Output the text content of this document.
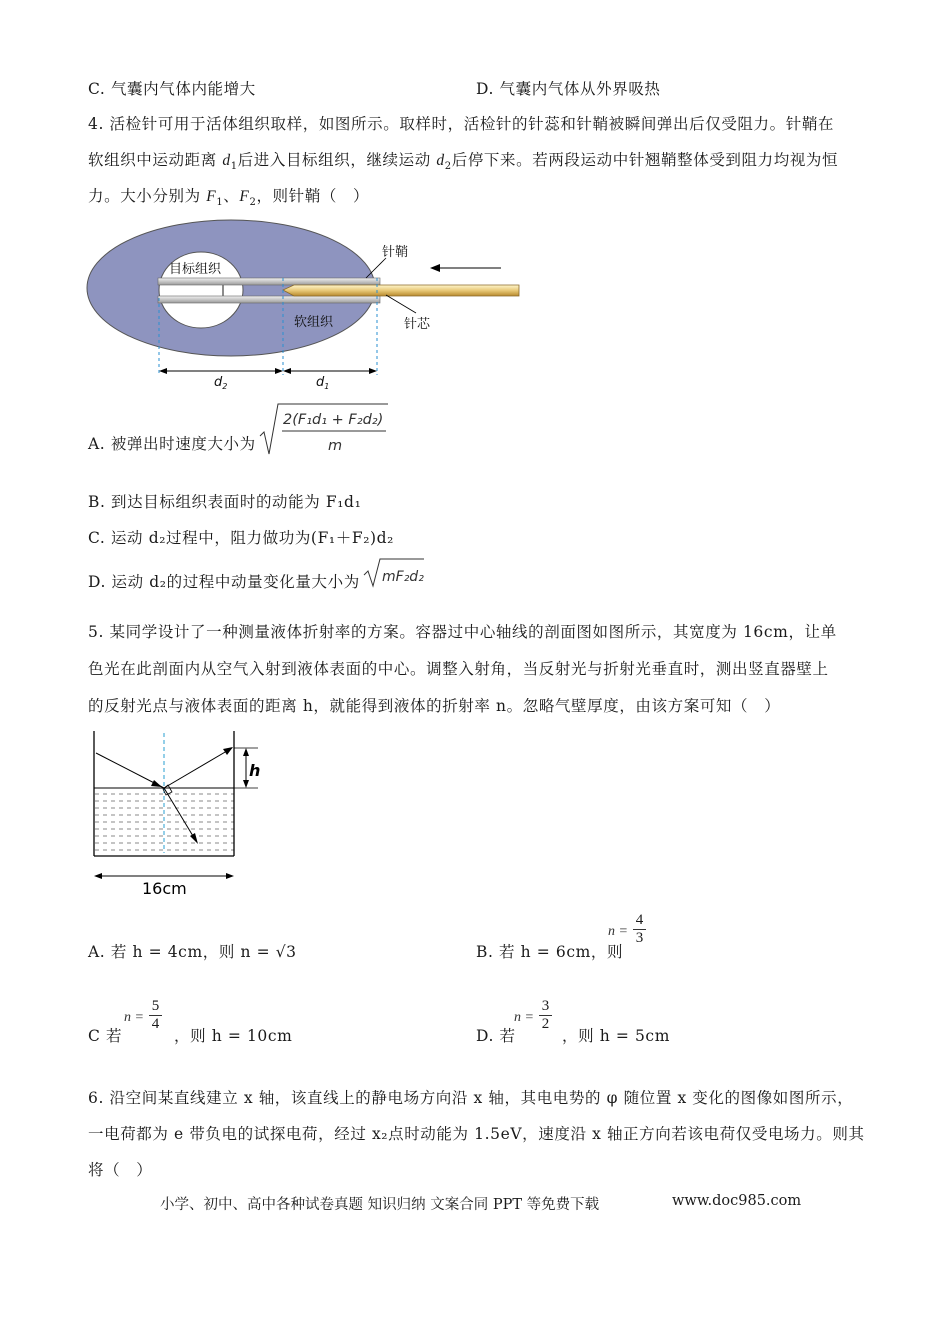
C. 气囊内气体内能增大	D. 气囊内气体从外界吸热
4. 活检针可用于活体组织取样，如图所示。取样时，活检针的针蕊和针鞘被瞬间弹出后仅受阻力。针鞘在
软组织中运动距离 $d_1$后进入目标组织，继续运动 $d_2$后停下来。若两段运动中针翘鞘整体受到阻力均视为恒
力。大小分别为 $F_1$、$F_2$，则针鞘（　）
目标组织
针鞘
软组织	针芯
$d_2$	$d_1$
A. 被弹出时速度大小为
2(F₁d₁ + F₂d₂)
m
B. 到达目标组织表面时的动能为 F₁d₁
C. 运动 d₂过程中，阻力做功为(F₁＋F₂)d₂
D. 运动 d₂的过程中动量变化量大小为 mF₂d₂
5. 某同学设计了一种测量液体折射率的方案。容器过中心轴线的剖面图如图所示，其宽度为 16cm，让单
色光在此剖面内从空气入射到液体表面的中心。调整入射角，当反射光与折射光垂直时，测出竖直器壁上
的反射光点与液体表面的距离 h，就能得到液体的折射率 n。忽略气壁厚度，由该方案可知（　）
h
16cm
A. 若 h = 4cm，则 n = √3	B. 若 h = 6cm，则
$n = \frac{4}{3}$
C 若
$n = \frac{5}{4}$
，则 h = 10cm	D. 若
$n = \frac{3}{2}$
，则 h = 5cm
6. 沿空间某直线建立 x 轴，该直线上的静电场方向沿 x 轴，其电电势的 φ 随位置 x 变化的图像如图所示，
一电荷都为 e 带负电的试探电荷，经过 x₂点时动能为 1.5eV，速度沿 x 轴正方向若该电荷仅受电场力。则其
将（　）
小学、初中、高中各种试卷真题 知识归纳 文案合同 PPT 等免费下载	www.doc985.com
